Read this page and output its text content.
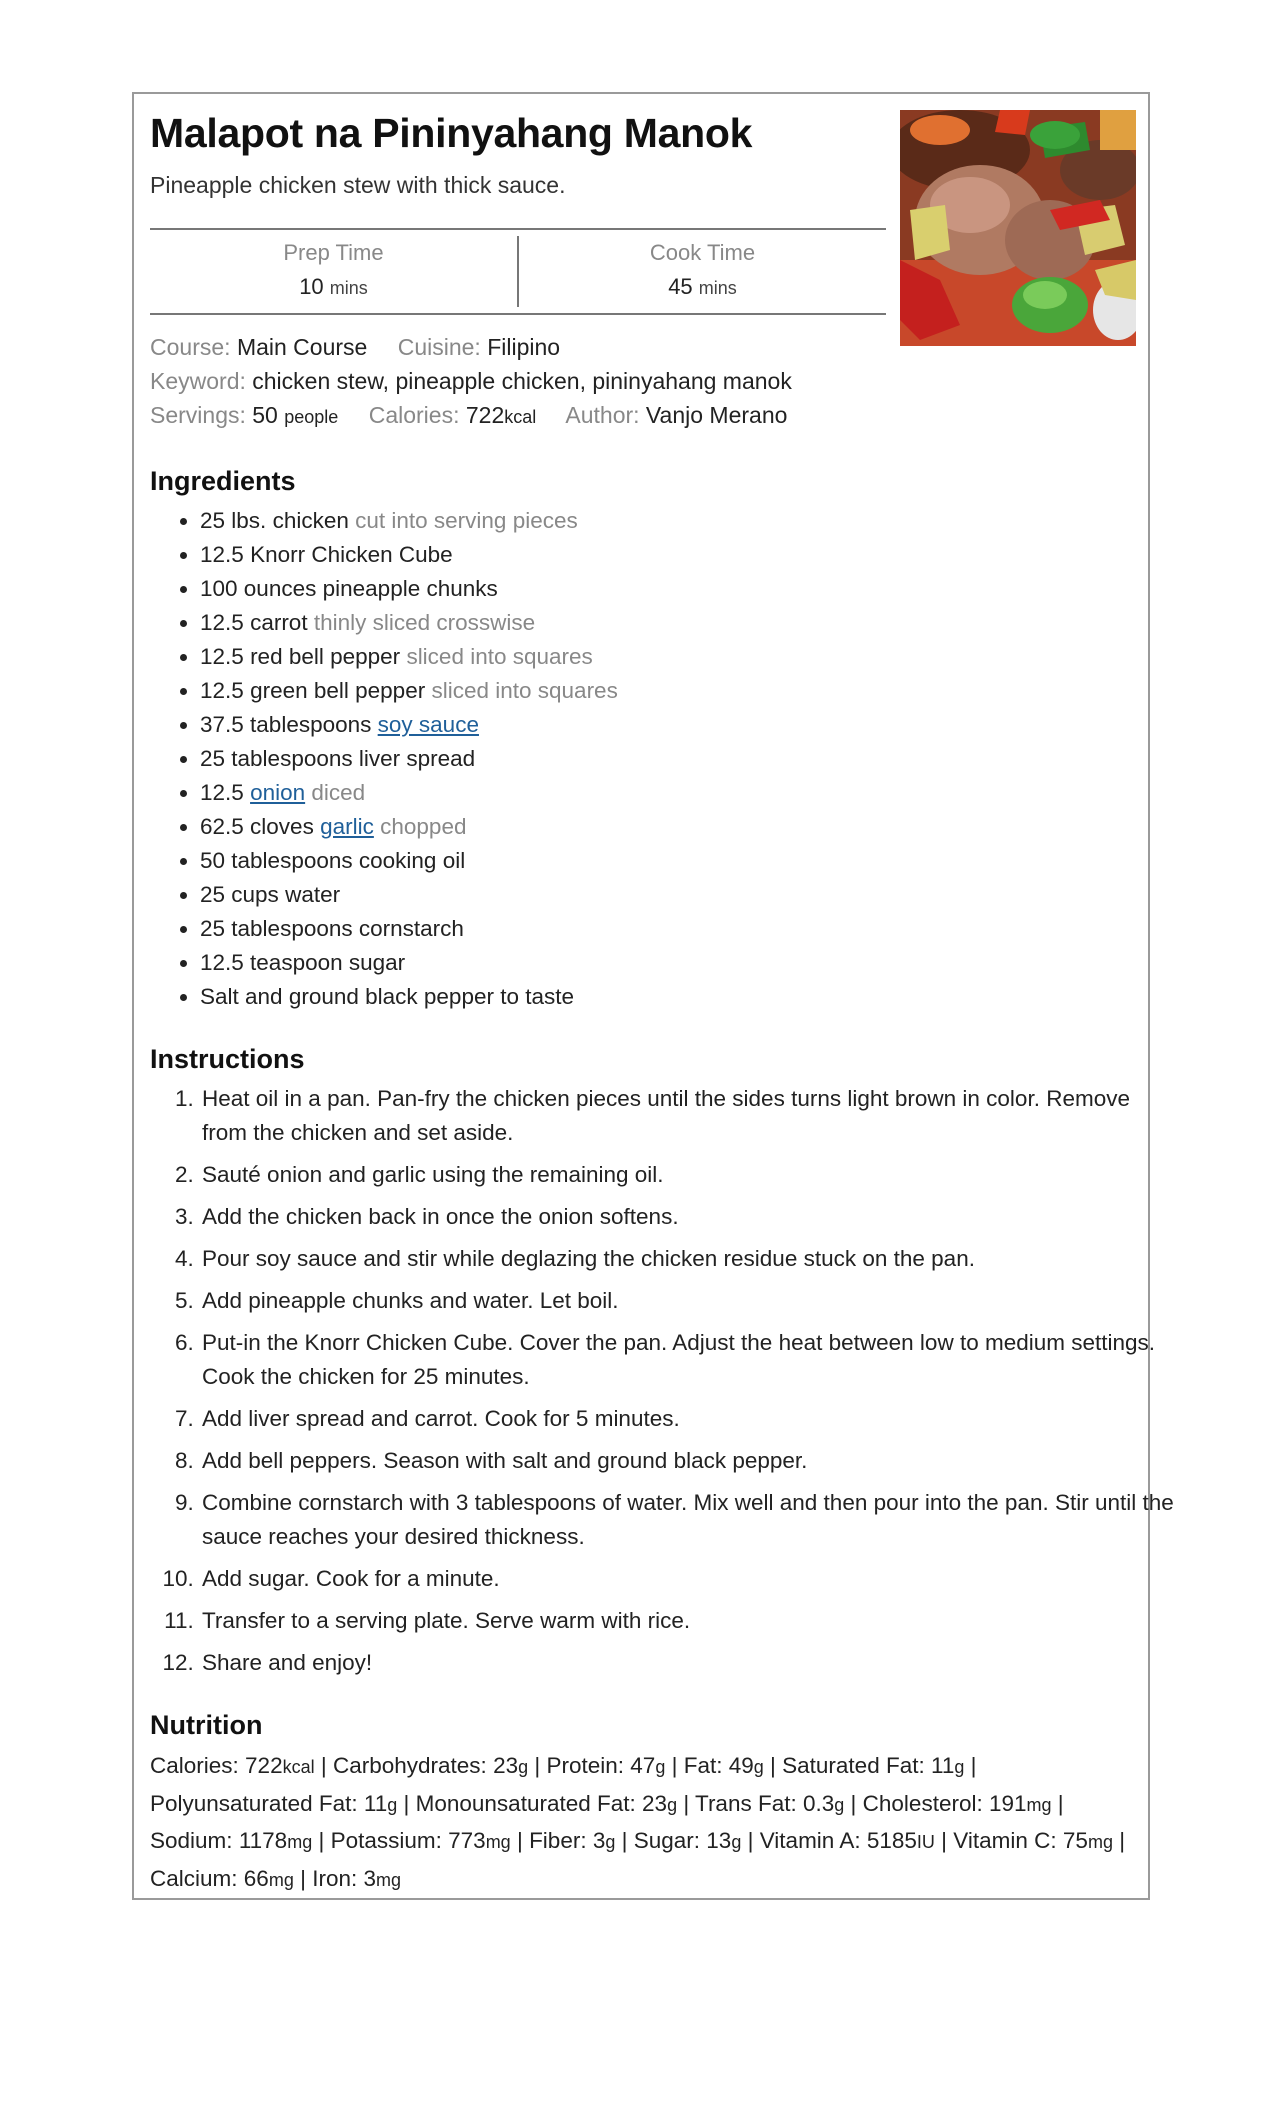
Malapot na Pininyahang Manok
Pineapple chicken stew with thick sauce.
Prep Time
10 mins
Cook Time
45 mins
Course: Main Course Cuisine: Filipino
Keyword: chicken stew, pineapple chicken, pininyahang manok
Servings: 50 people Calories: 722kcal Author: Vanjo Merano
Ingredients
• 25 lbs. chicken cut into serving pieces
• 12.5 Knorr Chicken Cube
• 100 ounces pineapple chunks
• 12.5 carrot thinly sliced crosswise
• 12.5 red bell pepper sliced into squares
• 12.5 green bell pepper sliced into squares
• 37.5 tablespoons soy sauce
• 25 tablespoons liver spread
• 12.5 onion diced
• 62.5 cloves garlic chopped
• 50 tablespoons cooking oil
• 25 cups water
• 25 tablespoons cornstarch
• 12.5 teaspoon sugar
• Salt and ground black pepper to taste
Instructions
1. Heat oil in a pan. Pan-fry the chicken pieces until the sides turns light brown in color. Remove from the chicken and set aside.
2. Sauté onion and garlic using the remaining oil.
3. Add the chicken back in once the onion softens.
4. Pour soy sauce and stir while deglazing the chicken residue stuck on the pan.
5. Add pineapple chunks and water. Let boil.
6. Put-in the Knorr Chicken Cube. Cover the pan. Adjust the heat between low to medium settings. Cook the chicken for 25 minutes.
7. Add liver spread and carrot. Cook for 5 minutes.
8. Add bell peppers. Season with salt and ground black pepper.
9. Combine cornstarch with 3 tablespoons of water. Mix well and then pour into the pan. Stir until the sauce reaches your desired thickness.
10. Add sugar. Cook for a minute.
11. Transfer to a serving plate. Serve warm with rice.
12. Share and enjoy!
Nutrition
Calories: 722kcal | Carbohydrates: 23g | Protein: 47g | Fat: 49g | Saturated Fat: 11g | Polyunsaturated Fat: 11g | Monounsaturated Fat: 23g | Trans Fat: 0.3g | Cholesterol: 191mg | Sodium: 1178mg | Potassium: 773mg | Fiber: 3g | Sugar: 13g | Vitamin A: 5185IU | Vitamin C: 75mg | Calcium: 66mg | Iron: 3mg
